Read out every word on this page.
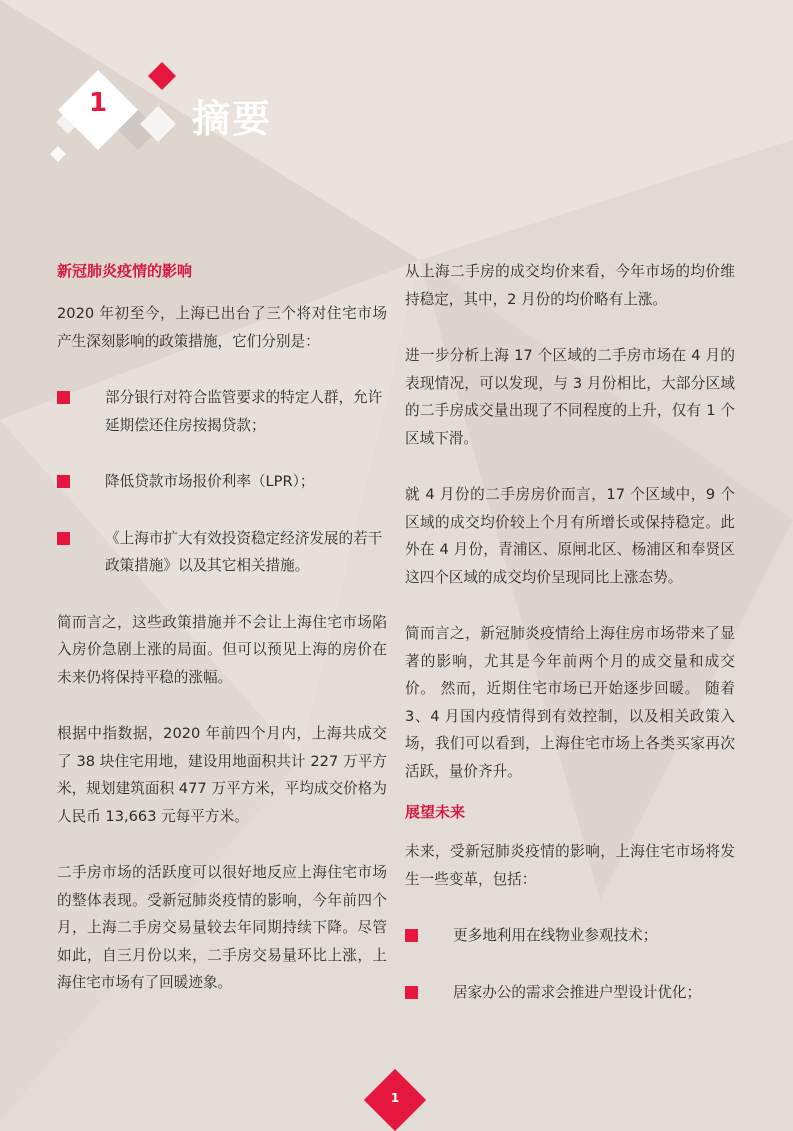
1 摘要
新冠肺炎疫情的影响

2020 年初至今，上海已出台了三个将对住宅市场产生深刻影响的政策措施，它们分别是：

部分银行对符合监管要求的特定人群，允许延期偿还住房按揭贷款；
降低贷款市场报价利率（LPR）；
《上海市扩大有效投资稳定经济发展的若干政策措施》以及其它相关措施。

简而言之，这些政策措施并不会让上海住宅市场陷入房价急剧上涨的局面。但可以预见上海的房价在未来仍将保持平稳的涨幅。

根据中指数据，2020 年前四个月内，上海共成交了 38 块住宅用地，建设用地面积共计 227 万平方米，规划建筑面积 477 万平方米，平均成交价格为人民币 13,663 元每平方米。

二手房市场的活跃度可以很好地反应上海住宅市场的整体表现。受新冠肺炎疫情的影响，今年前四个月，上海二手房交易量较去年同期持续下降。尽管如此，自三月份以来，二手房交易量环比上涨，上海住宅市场有了回暖迹象。

从上海二手房的成交均价来看，今年市场的均价维持稳定，其中，2 月份的均价略有上涨。

进一步分析上海 17 个区域的二手房市场在 4 月的表现情况，可以发现，与 3 月份相比，大部分区域的二手房成交量出现了不同程度的上升，仅有 1 个区域下滑。

就 4 月份的二手房房价而言，17 个区域中，9 个区域的成交均价较上个月有所增长或保持稳定。此外在 4 月份，青浦区、原闸北区、杨浦区和奉贤区这四个区域的成交均价呈现同比上涨态势。

简而言之，新冠肺炎疫情给上海住房市场带来了显著的影响，尤其是今年前两个月的成交量和成交价。 然而，近期住宅市场已开始逐步回暖。 随着 3、4 月国内疫情得到有效控制，以及相关政策入场，我们可以看到，上海住宅市场上各类买家再次活跃，量价齐升。

展望未来

未来，受新冠肺炎疫情的影响，上海住宅市场将发生一些变革，包括：

更多地利用在线物业参观技术；
居家办公的需求会推进户型设计优化；
1
